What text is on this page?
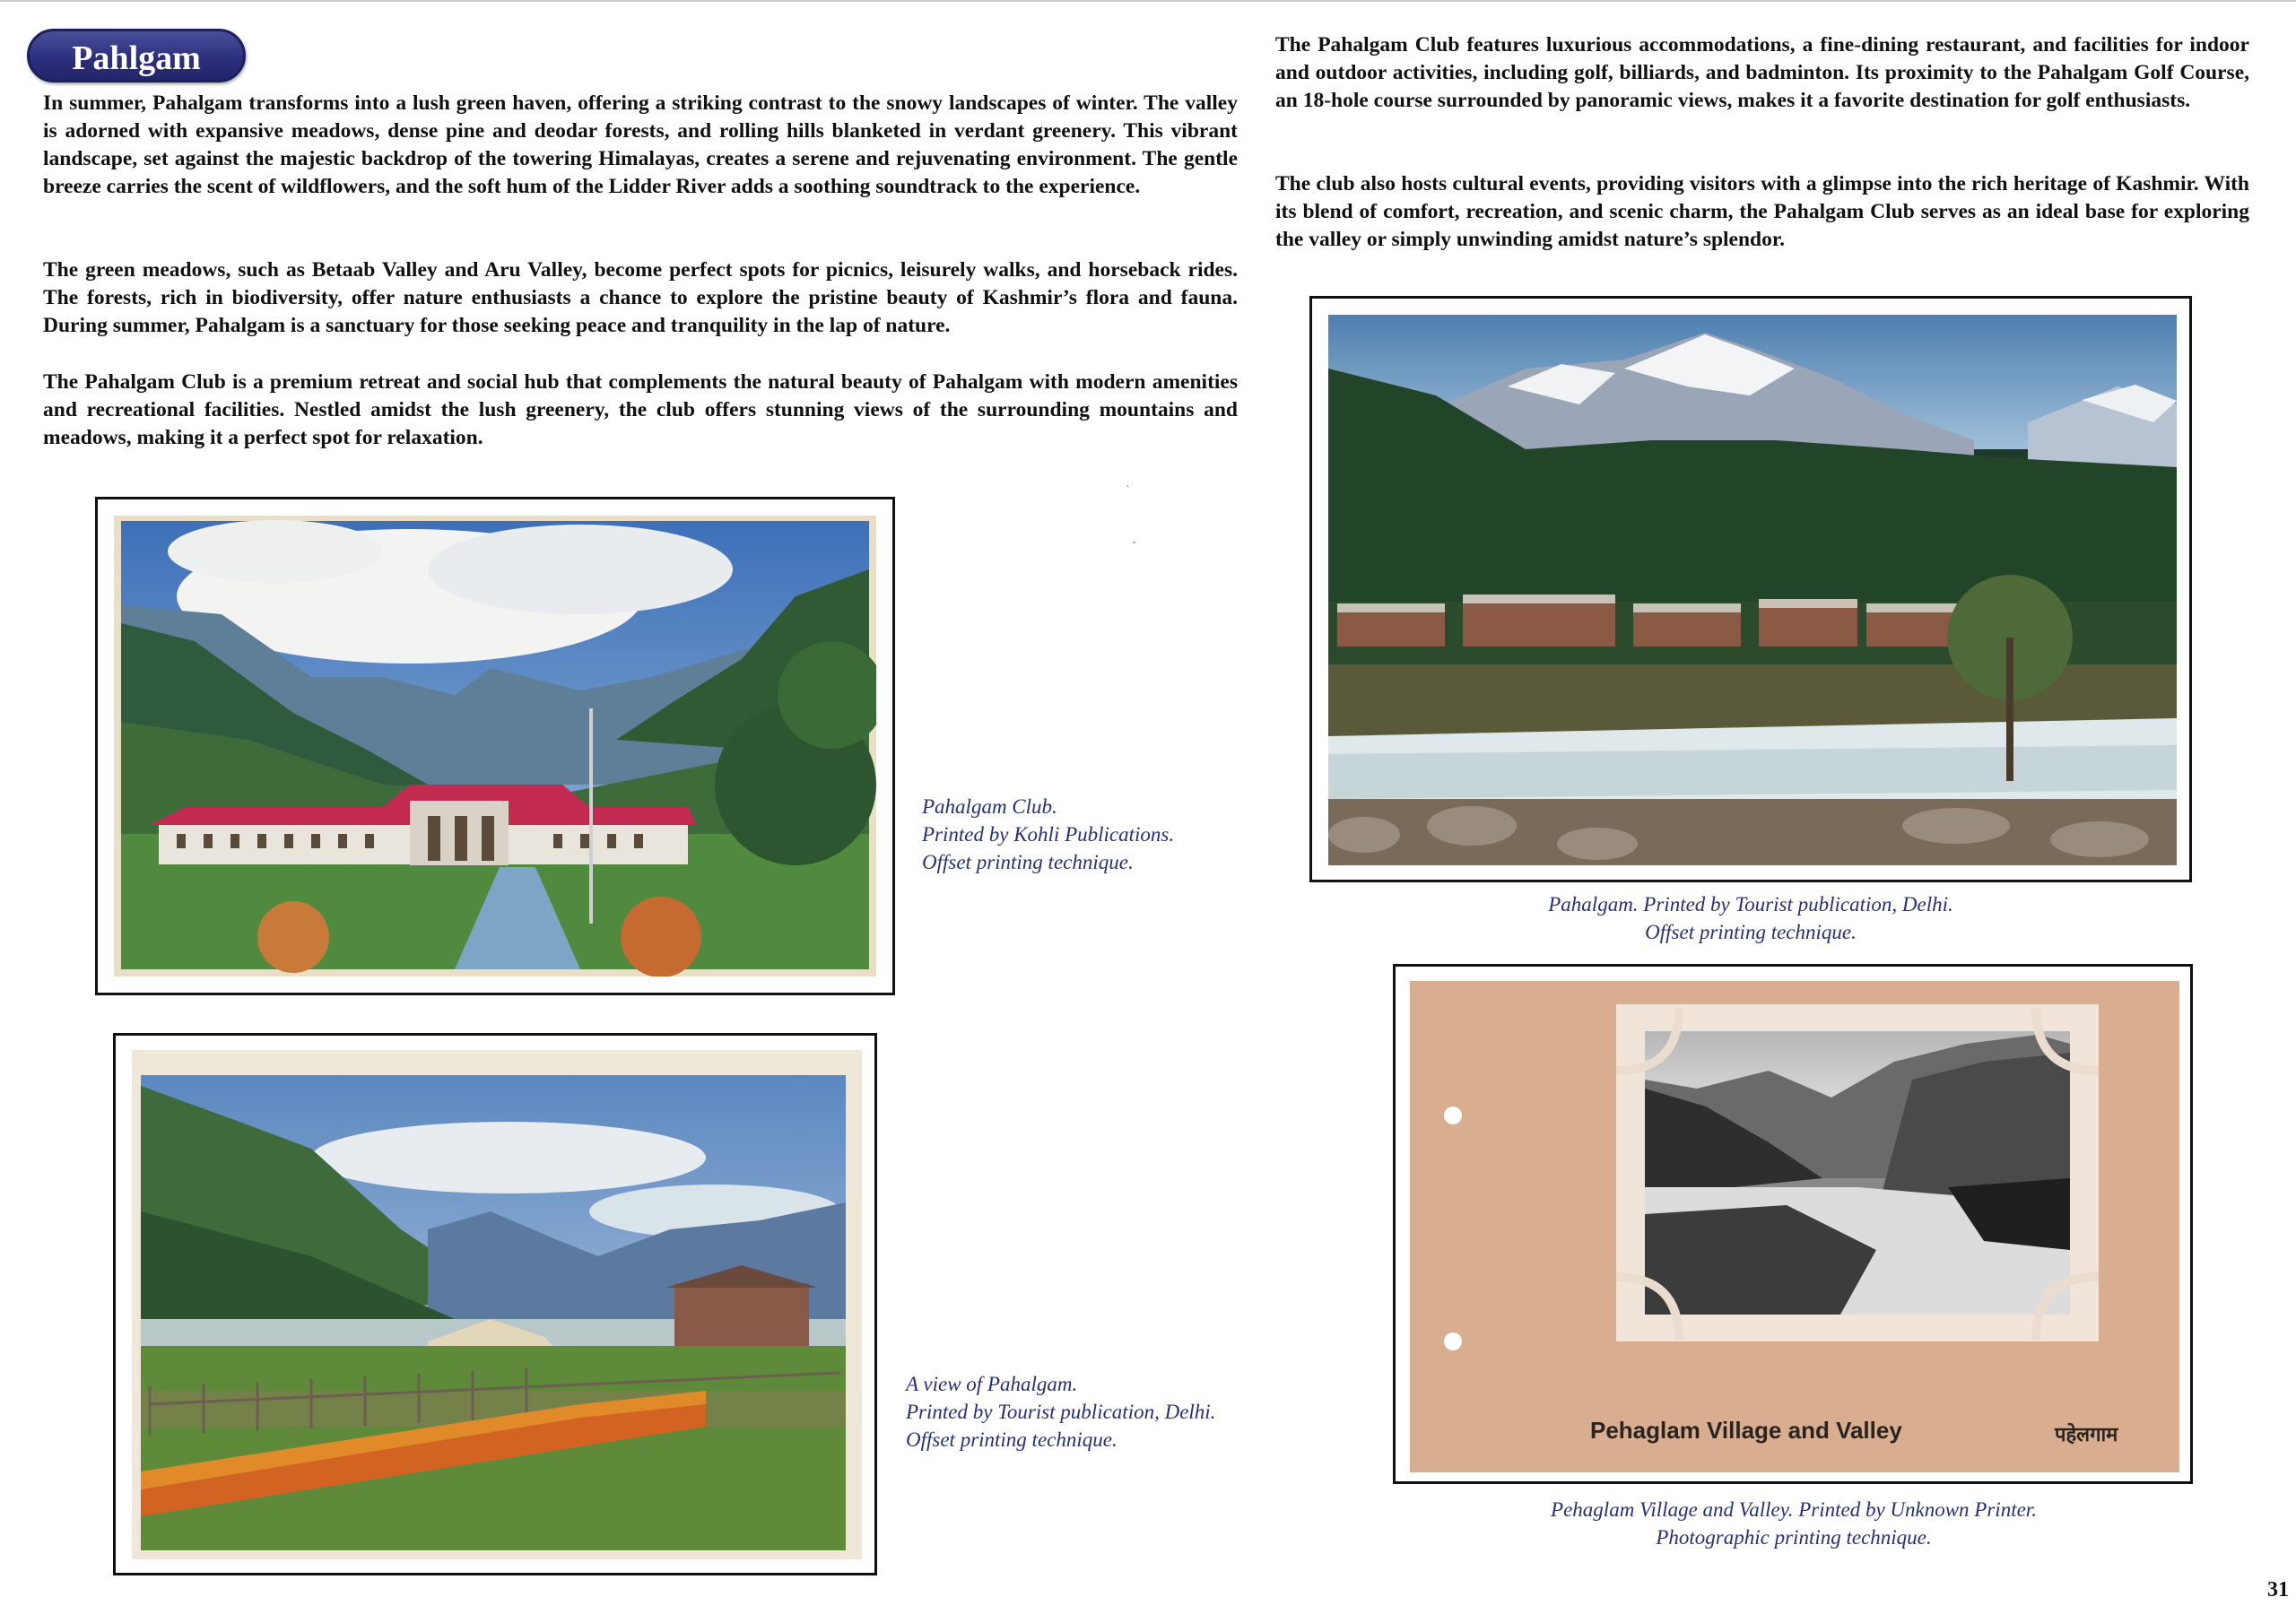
Pahlgam

In summer, Pahalgam transforms into a lush green haven, offering a striking contrast to the snowy landscapes of winter. The valley is adorned with expansive meadows, dense pine and deodar forests, and rolling hills blanketed in verdant greenery. This vibrant landscape, set against the majestic backdrop of the towering Himalayas, creates a serene and rejuvenating environment. The gentle breeze carries the scent of wildflowers, and the soft hum of the Lidder River adds a soothing soundtrack to the experience.

The green meadows, such as Betaab Valley and Aru Valley, become perfect spots for picnics, leisurely walks, and horseback rides. The forests, rich in biodiversity, offer nature enthusiasts a chance to explore the pristine beauty of Kashmir’s flora and fauna. During summer, Pahalgam is a sanctuary for those seeking peace and tranquility in the lap of nature.

The Pahalgam Club is a premium retreat and social hub that complements the natural beauty of Pahalgam with modern amenities and recreational facilities. Nestled amidst the lush greenery, the club offers stunning views of the surrounding mountains and meadows, making it a perfect spot for relaxation.

The Pahalgam Club features luxurious accommodations, a fine-dining restaurant, and facilities for indoor and outdoor activities, including golf, billiards, and badminton. Its proximity to the Pahalgam Golf Course, an 18-hole course surrounded by panoramic views, makes it a favorite destination for golf enthusiasts.

The club also hosts cultural events, providing visitors with a glimpse into the rich heritage of Kashmir. With its blend of comfort, recreation, and scenic charm, the Pahalgam Club serves as an ideal base for exploring the valley or simply unwinding amidst nature’s splendor.

Pahalgam Club.
Printed by Kohli Publications.
Offset printing technique.
`
-
A view of Pahalgam.
Printed by Tourist publication, Delhi.
Offset printing technique.
Pahalgam. Printed by Tourist publication, Delhi.
Offset printing technique.
Pehaglam Village and Valley	पहेलगाम
Pehaglam Village and Valley. Printed by Unknown Printer.
Photographic printing technique.
31
